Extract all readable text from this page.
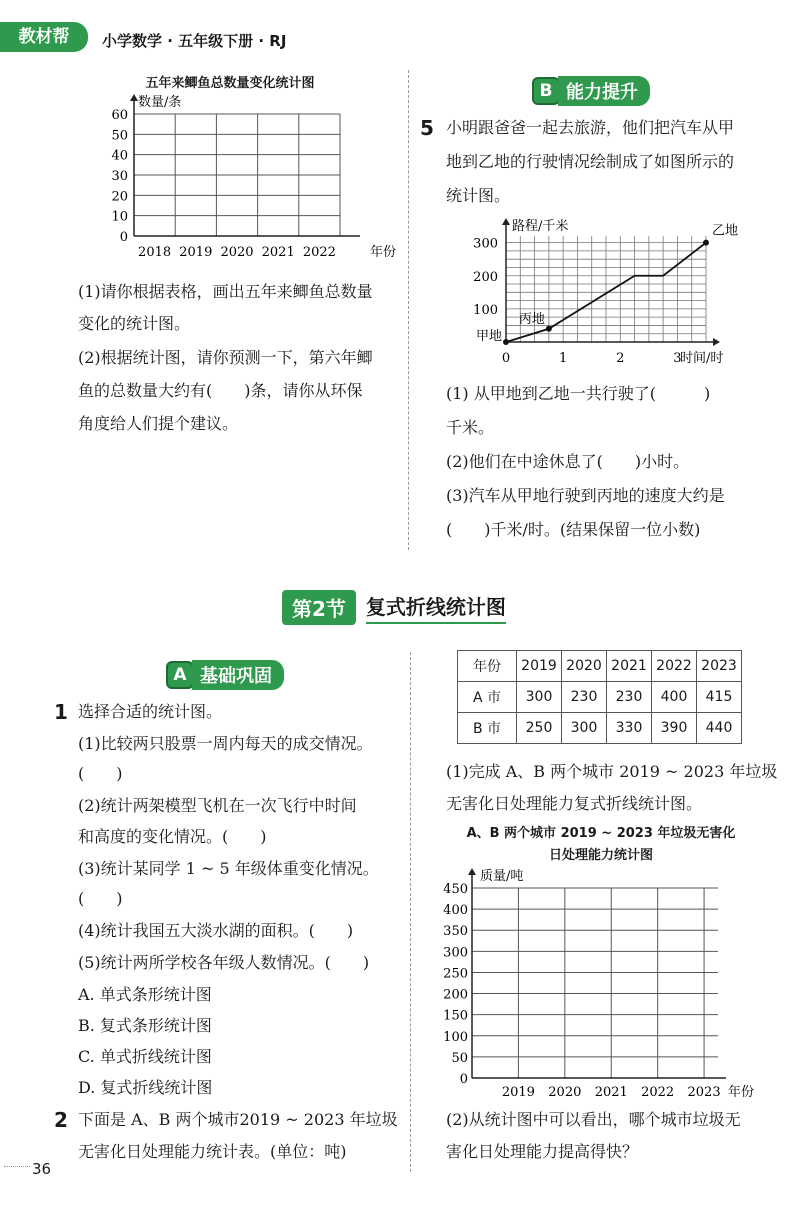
教材帮	小学数学 · 五年级下册 · RJ
五年来鲫鱼总数量变化统计图
0
10
20
30
40
50
60
2018 2019 2020 2021 2022
数量/条
年份
(1)请你根据表格，画出五年来鲫鱼总数量
变化的统计图。
(2)根据统计图，请你预测一下，第六年鲫
鱼的总数量大约有(　　)条，请你从环保
角度给人们提个建议。
B 能力提升
5 小明跟爸爸一起去旅游，他们把汽车从甲
地到乙地的行驶情况绘制成了如图所示的
统计图。
100
200
300
0	1	2	3
甲地
丙地
乙地
路程/千米
时间/时
(1) 从甲地到乙地一共行驶了(　　　)
千米。
(2)他们在中途休息了(　　)小时。
(3)汽车从甲地行驶到丙地的速度大约是
(　　)千米/时。(结果保留一位小数)
第2节	复式折线统计图
A 基础巩固
1 选择合适的统计图。
(1)比较两只股票一周内每天的成交情况。
(　　)
(2)统计两架模型飞机在一次飞行中时间
和高度的变化情况。(　　)
(3)统计某同学 1 ~ 5 年级体重变化情况。
(　　)
(4)统计我国五大淡水湖的面积。(　　)
(5)统计两所学校各年级人数情况。(　　)
A. 单式条形统计图
B. 复式条形统计图
C. 单式折线统计图
D. 复式折线统计图
2 下面是 A、B 两个城市2019 ~ 2023 年垃圾
无害化日处理能力统计表。(单位：吨)
36
年份	2019	2020	2021	2022	2023
A 市	300	230	230	400	415
B 市	250	300	330	390	440
(1)完成 A、B 两个城市 2019 ~ 2023 年垃圾
无害化日处理能力复式折线统计图。
A、B 两个城市 2019 ~ 2023 年垃圾无害化
日处理能力统计图
0
50
100
150
200
250
300
350
400
450
2019 2020 2021 2022 2023
质量/吨
年份
(2)从统计图中可以看出，哪个城市垃圾无
害化日处理能力提高得快？
